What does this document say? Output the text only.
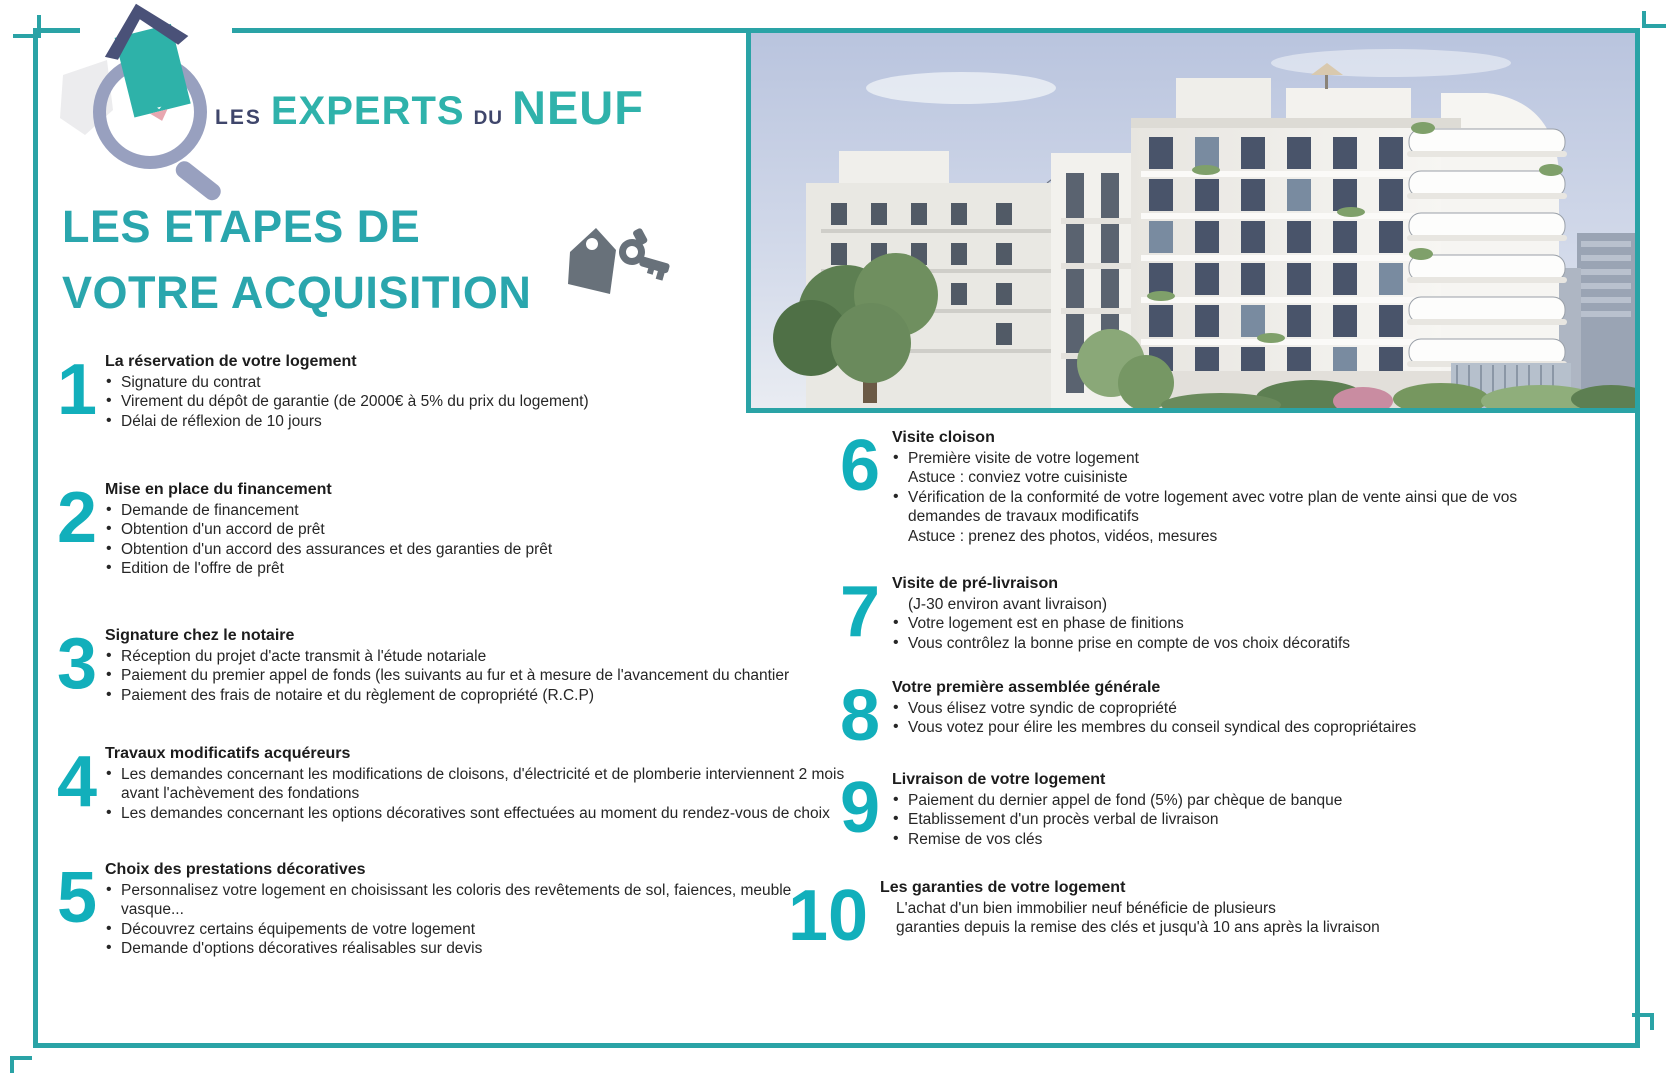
LES EXPERTS DU NEUF
LES ETAPES DE
VOTRE ACQUISITION
1 La réservation de votre logement
• Signature du contrat
• Virement du dépôt de garantie (de 2000€ à 5% du prix du logement)
• Délai de réflexion de 10 jours
2 Mise en place du financement
• Demande de financement
• Obtention d'un accord de prêt
• Obtention d'un accord des assurances et des garanties de prêt
• Edition de l'offre de prêt
3 Signature chez le notaire
• Réception du projet d'acte transmit à l'étude notariale
• Paiement du premier appel de fonds (les suivants au fur et à mesure de l'avancement du chantier
• Paiement des frais de notaire et du règlement de copropriété (R.C.P)
4 Travaux modificatifs acquéreurs
• Les demandes concernant les modifications de cloisons, d'électricité et de plomberie interviennent 2 mois avant l'achèvement des fondations
• Les demandes concernant les options décoratives sont effectuées au moment du rendez-vous de choix
5 Choix des prestations décoratives
• Personnalisez votre logement en choisissant les coloris des revêtements de sol, faiences, meuble vasque...
• Découvrez certains équipements de votre logement
• Demande d'options décoratives réalisables sur devis
6 Visite cloison
• Première visite de votre logement
Astuce : conviez votre cuisiniste
• Vérification de la conformité de votre logement avec votre plan de vente ainsi que de vos demandes de travaux modificatifs
Astuce : prenez des photos, vidéos, mesures
7 Visite de pré-livraison
(J-30 environ avant livraison)
• Votre logement est en phase de finitions
• Vous contrôlez la bonne prise en compte de vos choix décoratifs
8 Votre première assemblée générale
• Vous élisez votre syndic de copropriété
• Vous votez pour élire les membres du conseil syndical des copropriétaires
9 Livraison de votre logement
• Paiement du dernier appel de fond (5%) par chèque de banque
• Etablissement d'un procès verbal de livraison
• Remise de vos clés
10 Les garanties de votre logement
L'achat d'un bien immobilier neuf bénéficie de plusieurs
garanties depuis la remise des clés et jusqu'à 10 ans après la livraison
